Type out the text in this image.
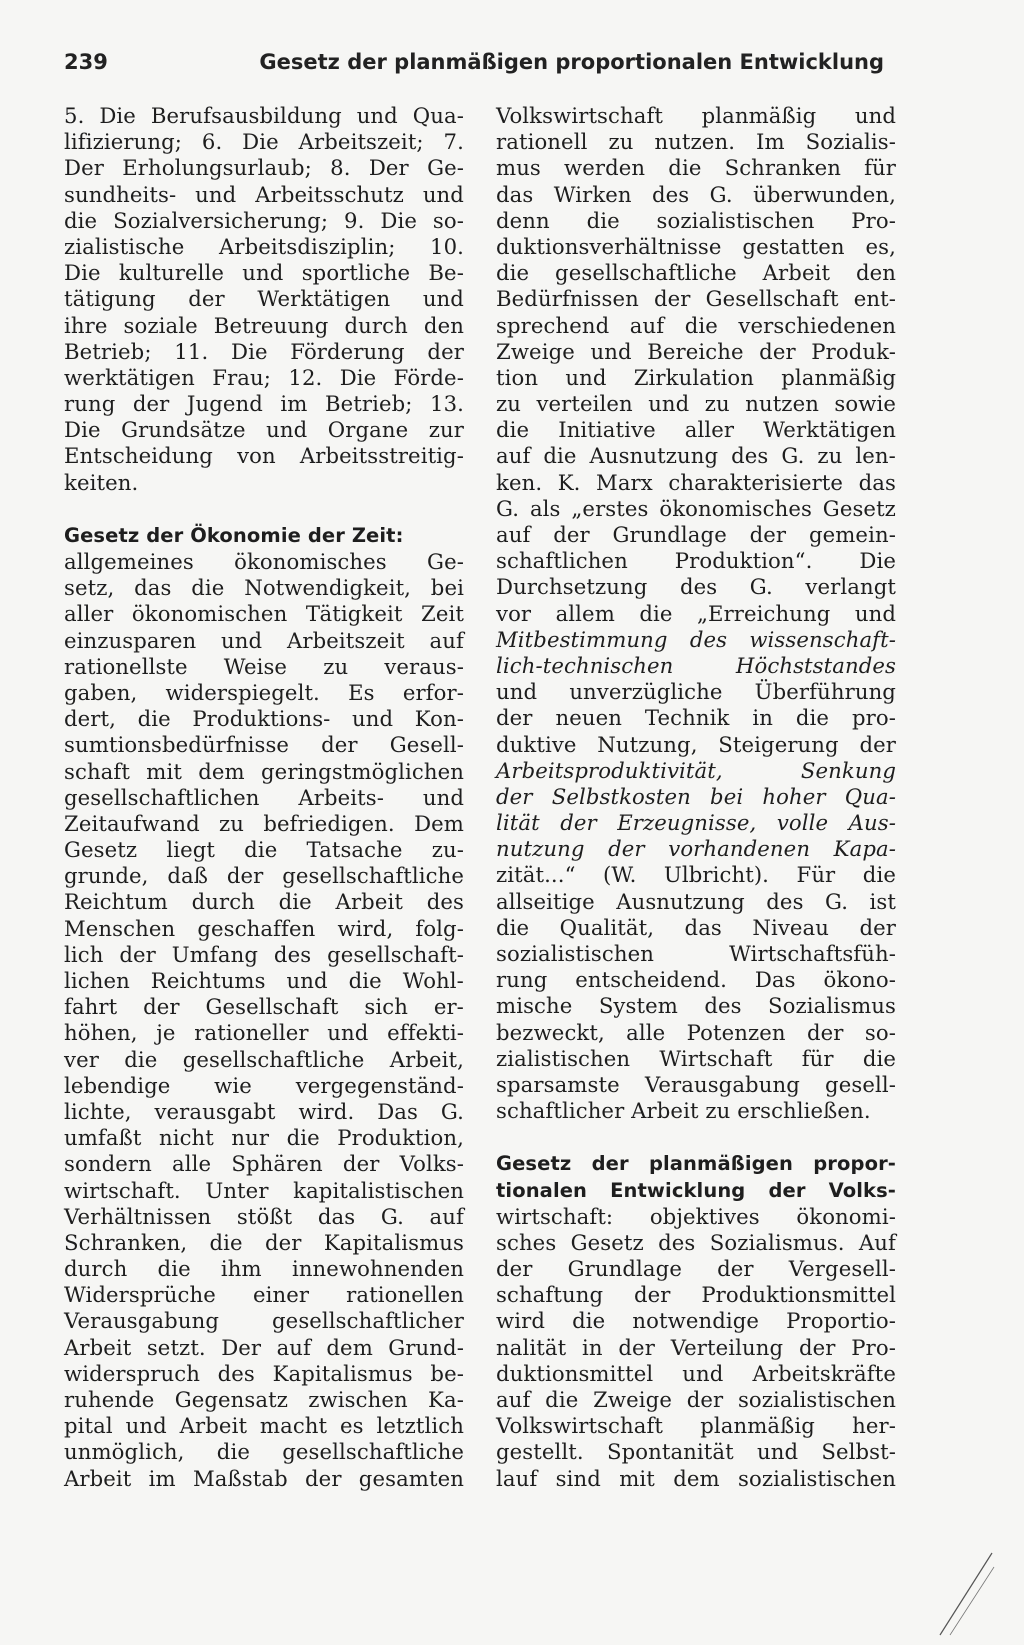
239	Gesetz der planmäßigen proportionalen Entwicklung
5. Die Berufsausbildung und Qua-
lifizierung; 6. Die Arbeitszeit; 7.
Der Erholungsurlaub; 8. Der Ge-
sundheits- und Arbeitsschutz und
die Sozialversicherung; 9. Die so-
zialistische Arbeitsdisziplin; 10.
Die kulturelle und sportliche Be-
tätigung der Werktätigen und
ihre soziale Betreuung durch den
Betrieb; 11. Die Förderung der
werktätigen Frau; 12. Die Förde-
rung der Jugend im Betrieb; 13.
Die Grundsätze und Organe zur
Entscheidung von Arbeitsstreitig-
keiten.
Gesetz der Ökonomie der Zeit:
allgemeines ökonomisches Ge-
setz, das die Notwendigkeit, bei
aller ökonomischen Tätigkeit Zeit
einzusparen und Arbeitszeit auf
rationellste Weise zu veraus-
gaben, widerspiegelt. Es erfor-
dert, die Produktions- und Kon-
sumtionsbedürfnisse der Gesell-
schaft mit dem geringstmöglichen
gesellschaftlichen Arbeits- und
Zeitaufwand zu befriedigen. Dem
Gesetz liegt die Tatsache zu-
grunde, daß der gesellschaftliche
Reichtum durch die Arbeit des
Menschen geschaffen wird, folg-
lich der Umfang des gesellschaft-
lichen Reichtums und die Wohl-
fahrt der Gesellschaft sich er-
höhen, je rationeller und effekti-
ver die gesellschaftliche Arbeit,
lebendige wie vergegenständ-
lichte, verausgabt wird. Das G.
umfaßt nicht nur die Produktion,
sondern alle Sphären der Volks-
wirtschaft. Unter kapitalistischen
Verhältnissen stößt das G. auf
Schranken, die der Kapitalismus
durch die ihm innewohnenden
Widersprüche einer rationellen
Verausgabung	gesellschaftlicher
Arbeit setzt. Der auf dem Grund-
widerspruch des Kapitalismus be-
ruhende Gegensatz zwischen Ka-
pital und Arbeit macht es letztlich
unmöglich, die gesellschaftliche
Arbeit im Maßstab der gesamten
Volkswirtschaft planmäßig und
rationell zu nutzen. Im Sozialis-
mus werden die Schranken für
das Wirken des G. überwunden,
denn die sozialistischen Pro-
duktionsverhältnisse gestatten es,
die gesellschaftliche Arbeit den
Bedürfnissen der Gesellschaft ent-
sprechend auf die verschiedenen
Zweige und Bereiche der Produk-
tion und Zirkulation planmäßig
zu verteilen und zu nutzen sowie
die Initiative aller Werktätigen
auf die Ausnutzung des G. zu len-
ken. K. Marx charakterisierte das
G. als „erstes ökonomisches Gesetz
auf der Grundlage der gemein-
schaftlichen Produktion“. Die
Durchsetzung des G. verlangt
vor allem die „Erreichung und
Mitbestimmung des wissenschaft-
lich-technischen	Höchststandes
und unverzügliche Überführung
der neuen Technik in die pro-
duktive Nutzung, Steigerung der
Arbeitsproduktivität,	Senkung
der Selbstkosten bei hoher Qua-
lität der Erzeugnisse, volle Aus-
nutzung der vorhandenen Kapa-
zität...“ (W. Ulbricht). Für die
allseitige Ausnutzung des G. ist
die Qualität, das Niveau der
sozialistischen	Wirtschaftsfüh-
rung entscheidend. Das ökono-
mische System des Sozialismus
bezweckt, alle Potenzen der so-
zialistischen Wirtschaft für die
sparsamste Verausgabung gesell-
schaftlicher Arbeit zu erschließen.
Gesetz der planmäßigen propor-
tionalen Entwicklung der Volks-
wirtschaft: objektives ökonomi-
sches Gesetz des Sozialismus. Auf
der Grundlage der Vergesell-
schaftung der Produktionsmittel
wird die notwendige Proportio-
nalität in der Verteilung der Pro-
duktionsmittel und Arbeitskräfte
auf die Zweige der sozialistischen
Volkswirtschaft planmäßig her-
gestellt. Spontanität und Selbst-
lauf sind mit dem sozialistischen
